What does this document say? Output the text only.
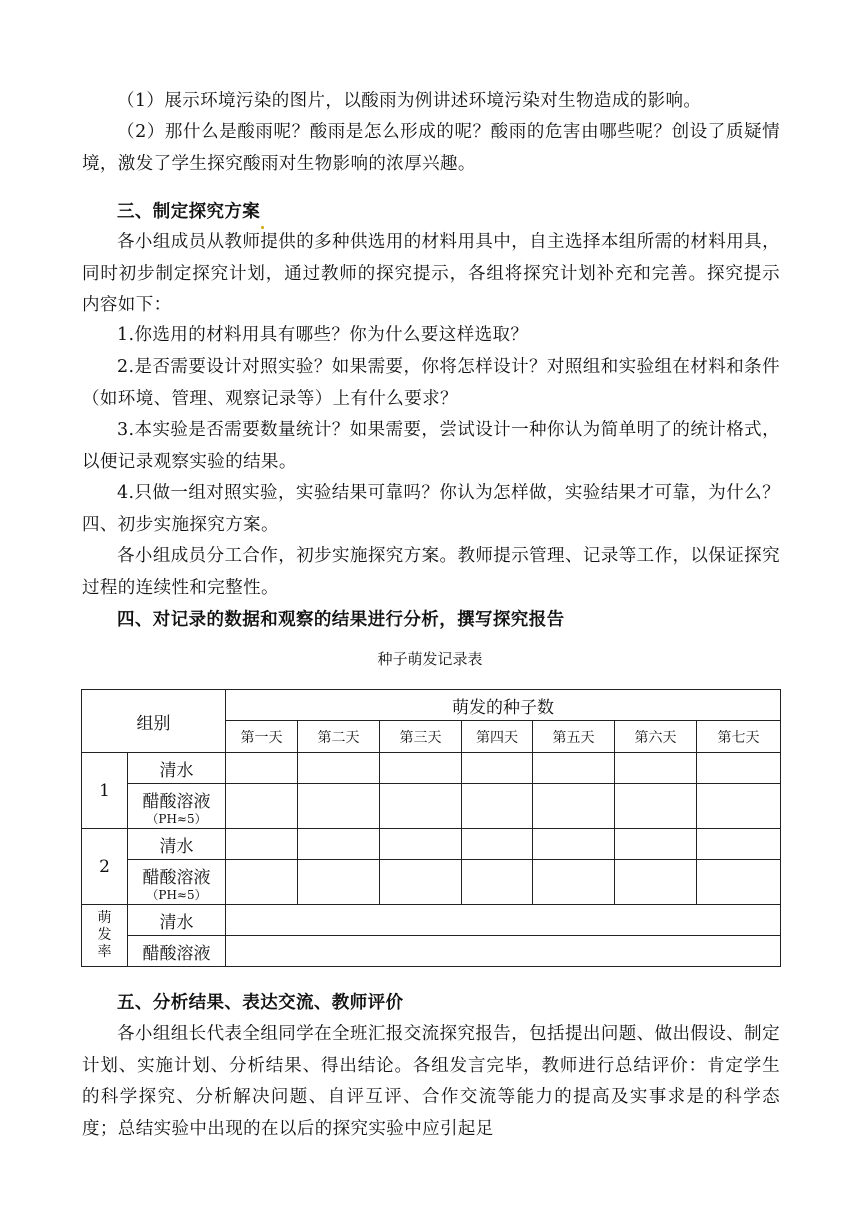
（1）展示环境污染的图片，以酸雨为例讲述环境污染对生物造成的影响。

（2）那什么是酸雨呢？酸雨是怎么形成的呢？酸雨的危害由哪些呢？创设了质疑情境，激发了学生探究酸雨对生物影响的浓厚兴趣。

三、制定探究方案

各小组成员从教师提供的多种供选用的材料用具中，自主选择本组所需的材料用具，同时初步制定探究计划，通过教师的探究提示，各组将探究计划补充和完善。探究提示内容如下：

1.你选用的材料用具有哪些？你为什么要这样选取？

2.是否需要设计对照实验？如果需要，你将怎样设计？对照组和实验组在材料和条件（如环境、管理、观察记录等）上有什么要求？

3.本实验是否需要数量统计？如果需要，尝试设计一种你认为简单明了的统计格式，以便记录观察实验的结果。

4.只做一组对照实验，实验结果可靠吗？你认为怎样做，实验结果才可靠，为什么？四、初步实施探究方案。

各小组成员分工合作，初步实施探究方案。教师提示管理、记录等工作，以保证探究过程的连续性和完整性。

四、对记录的数据和观察的结果进行分析，撰写探究报告

种子萌发记录表

组别		萌发的种子数						
		第一天	第二天	第三天	第四天	第五天	第六天	第七天
1	清水							
	醋酸溶液
（PH≈5）							

2	清水							
	醋酸溶液
（PH≈5）							

萌
发
率	清水							
	醋酸溶液							

五、分析结果、表达交流、教师评价

各小组组长代表全组同学在全班汇报交流探究报告，包括提出问题、做出假设、制定计划、实施计划、分析结果、得出结论。各组发言完毕，教师进行总结评价：肯定学生的科学探究、分析解决问题、自评互评、合作交流等能力的提高及实事求是的科学态度；总结实验中出现的在以后的探究实验中应引起足
